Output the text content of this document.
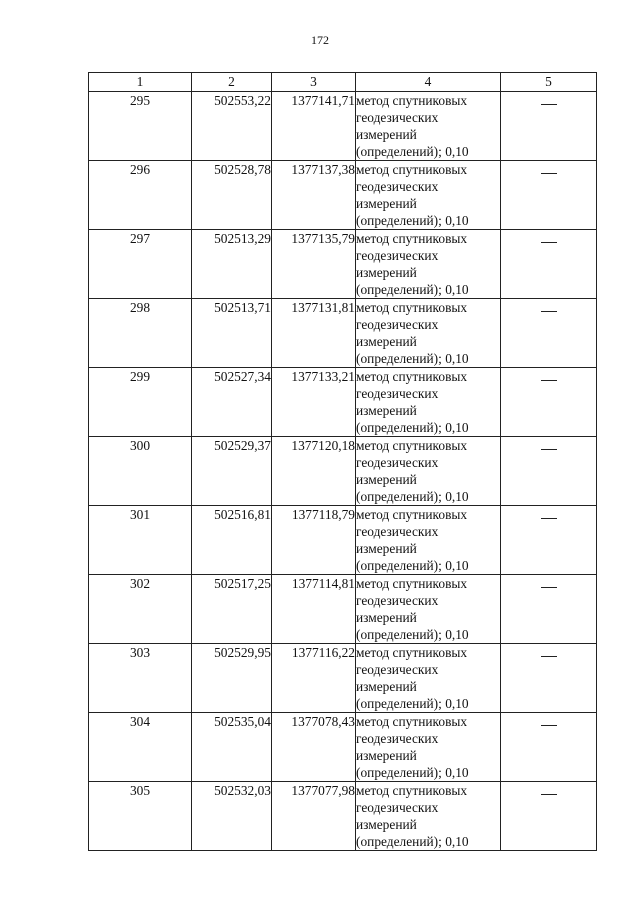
172
1	2	3	4	5
295	502553,22	1377141,71	метод спутниковых
геодезических
измерений
(определений); 0,10	

296	502528,78	1377137,38	метод спутниковых
геодезических
измерений
(определений); 0,10	

297	502513,29	1377135,79	метод спутниковых
геодезических
измерений
(определений); 0,10	

298	502513,71	1377131,81	метод спутниковых
геодезических
измерений
(определений); 0,10	

299	502527,34	1377133,21	метод спутниковых
геодезических
измерений
(определений); 0,10	

300	502529,37	1377120,18	метод спутниковых
геодезических
измерений
(определений); 0,10	

301	502516,81	1377118,79	метод спутниковых
геодезических
измерений
(определений); 0,10	

302	502517,25	1377114,81	метод спутниковых
геодезических
измерений
(определений); 0,10	

303	502529,95	1377116,22	метод спутниковых
геодезических
измерений
(определений); 0,10	

304	502535,04	1377078,43	метод спутниковых
геодезических
измерений
(определений); 0,10	

305	502532,03	1377077,98	метод спутниковых
геодезических
измерений
(определений); 0,10	
